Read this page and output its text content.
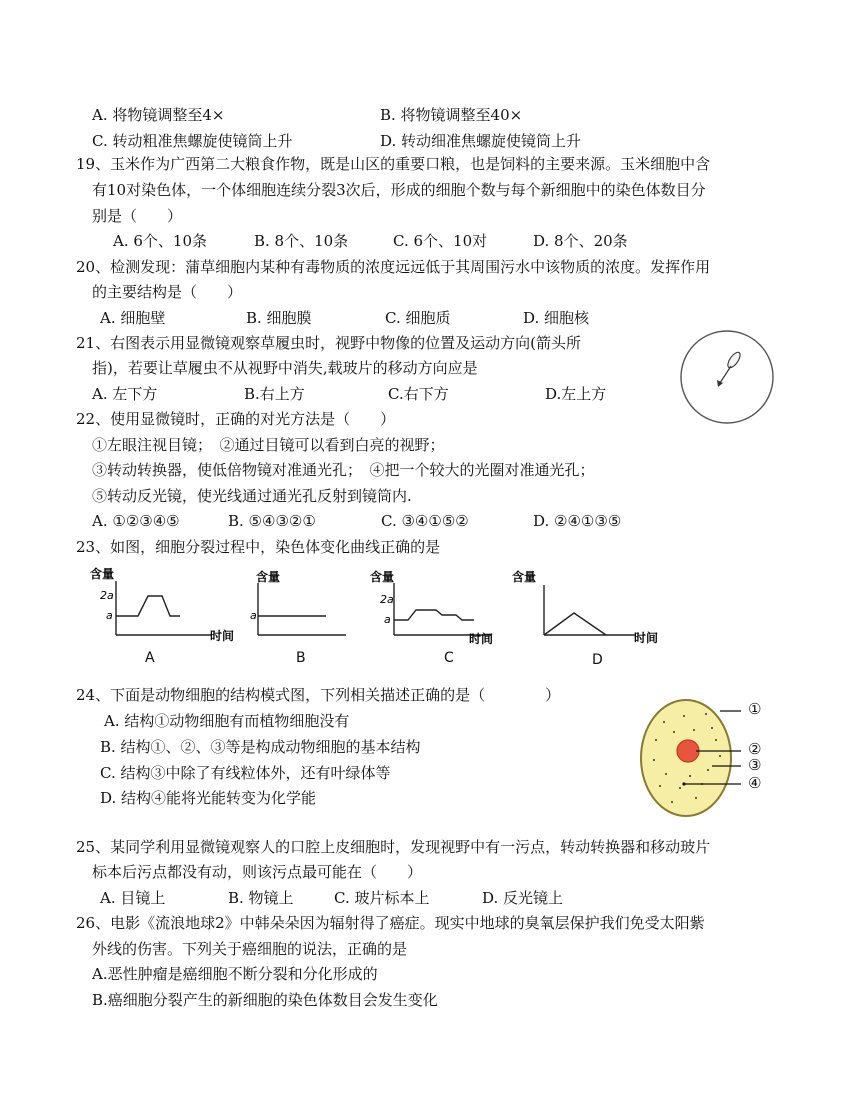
A. 将物镜调整至4×	B. 将物镜调整至40×
C. 转动粗准焦螺旋使镜筒上升	D. 转动细准焦螺旋使镜筒上升
19、玉米作为广西第二大粮食作物，既是山区的重要口粮，也是饲料的主要来源。玉米细胞中含
有10对染色体，一个体细胞连续分裂3次后，形成的细胞个数与每个新细胞中的染色体数目分
别是（　　）
A. 6个、10条	B. 8个、10条	C. 6个、10对	D. 8个、20条
20、检测发现：蒲草细胞内某种有毒物质的浓度远远低于其周围污水中该物质的浓度。发挥作用
的主要结构是（　　）
A. 细胞壁	B. 细胞膜	C. 细胞质	D. 细胞核
21、右图表示用显微镜观察草履虫时，视野中物像的位置及运动方向(箭头所
指)，若要让草履虫不从视野中消失,载玻片的移动方向应是
A. 左下方	B.右上方	C.右下方	D.左上方
22、使用显微镜时，正确的对光方法是（　　）
①左眼注视目镜；　②通过目镜可以看到白亮的视野；
③转动转换器，使低倍物镜对准通光孔；　④把一个较大的光圈对准通光孔；
⑤转动反光镜，使光线通过通光孔反射到镜筒内.
A. ①②③④⑤	B. ⑤④③②①	C. ③④①⑤②	D. ②④①③⑤
23、如图，细胞分裂过程中，染色体变化曲线正确的是
含量
2a
a
时间
A
含量
a
B
含量
2a
a
时间
C
含量
时间
D
24、下面是动物细胞的结构模式图，下列相关描述正确的是（　　　　）
A. 结构①动物细胞有而植物细胞没有
B. 结构①、②、③等是构成动物细胞的基本结构
C. 结构③中除了有线粒体外，还有叶绿体等
D. 结构④能将光能转变为化学能
①
②
③
④
25、某同学利用显微镜观察人的口腔上皮细胞时，发现视野中有一污点，转动转换器和移动玻片
标本后污点都没有动，则该污点最可能在（　　）
A. 目镜上	B. 物镜上	C. 玻片标本上	D. 反光镜上
26、电影《流浪地球2》中韩朵朵因为辐射得了癌症。现实中地球的臭氧层保护我们免受太阳紫
外线的伤害。下列关于癌细胞的说法，正确的是
A.恶性肿瘤是癌细胞不断分裂和分化形成的
B.癌细胞分裂产生的新细胞的染色体数目会发生变化
